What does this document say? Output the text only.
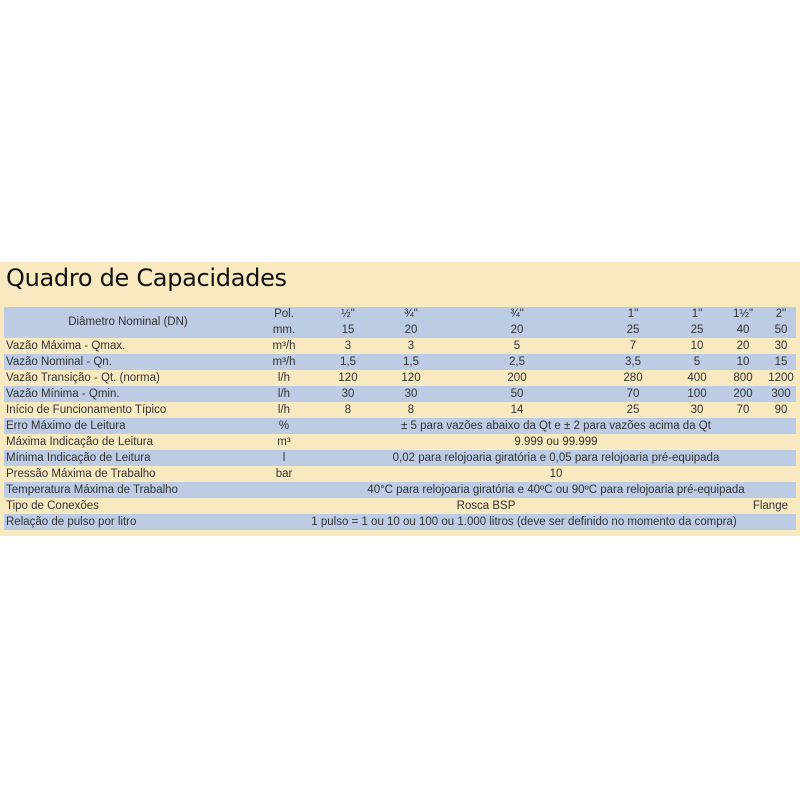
Quadro de Capacidades
Diâmetro Nominal (DN)	Pol.	½"	¾"	¾"	1"	1"	1½"	2"
	mm.	15	20	20	25	25	40	50
Vazão Máxima - Qmax.	m³/h	3	3	5	7	10	20	30
Vazão Nominal - Qn.	m³/h	1,5	1,5	2,5	3,5	5	10	15
Vazão Transição - Qt. (norma)	l/h	120	120	200	280	400	800	1200
Vazão Mínima - Qmin.	l/h	30	30	50	70	100	200	300
Início de Funcionamento Típico	l/h	8	8	14	25	30	70	90
Erro Máximo de Leitura	%	± 5 para vazões abaixo da Qt e ± 2 para vazões acima da Qt						
Máxima Indicação de Leitura	m³	9.999 ou 99.999						
Mínima Indicação de Leitura	l	0,02 para relojoaria giratória e 0,05 para relojoaria pré-equipada						
Pressão Máxima de Trabalho	bar	10						
Temperatura Máxima de Trabalho		40°C para relojoaria giratória e 40ºC ou 90ºC para relojoaria pré-equipada						
Tipo de Conexões	Rosca BSP						Flange	
Relação de pulso por litro	1 pulso = 1 ou 10 ou 100 ou 1.000 litros (deve ser definido no momento da compra)							
